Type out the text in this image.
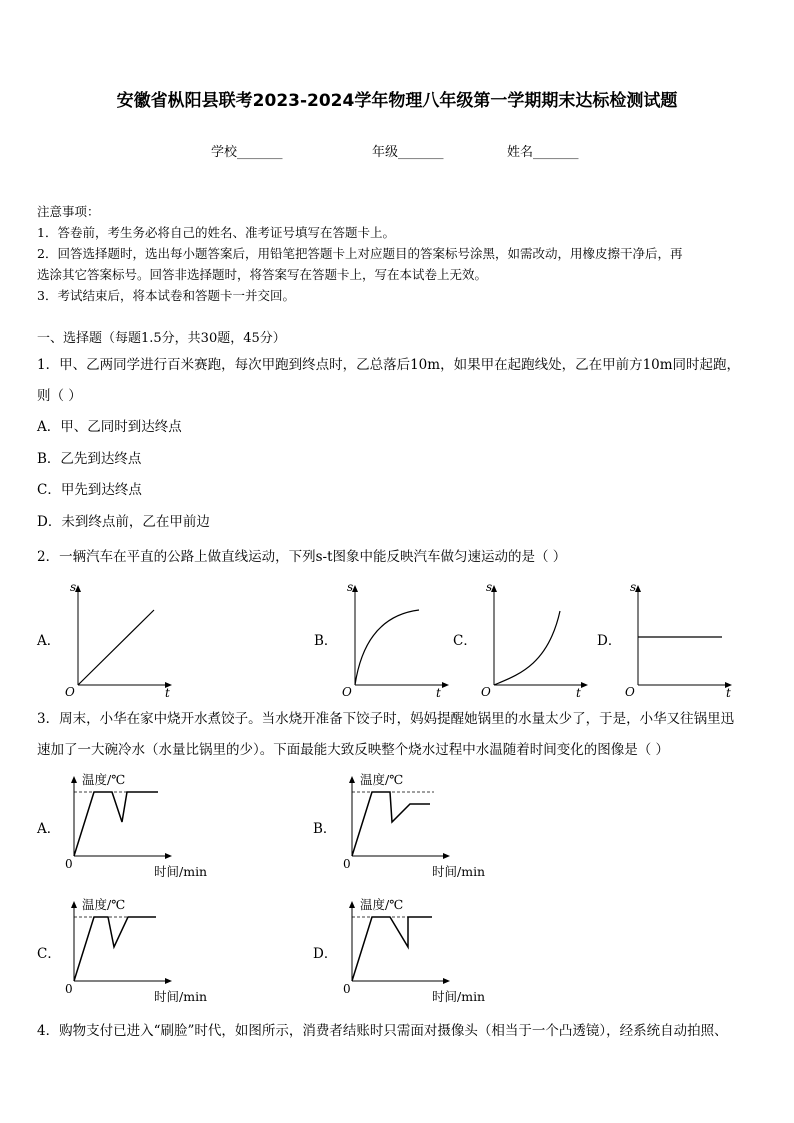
安徽省枞阳县联考2023-2024学年物理八年级第一学期期末达标检测试题
学校_______	年级_______	姓名_______
注意事项：
1．答卷前，考生务必将自己的姓名、准考证号填写在答题卡上。
2．回答选择题时，选出每小题答案后，用铅笔把答题卡上对应题目的答案标号涂黑，如需改动，用橡皮擦干净后，再
选涂其它答案标号。回答非选择题时，将答案写在答题卡上，写在本试卷上无效。
3．考试结束后，将本试卷和答题卡一并交回。
一、选择题（每题1.5分，共30题，45分）
1．甲、乙两同学进行百米赛跑，每次甲跑到终点时，乙总落后10m，如果甲在起跑线处，乙在甲前方10m同时起跑，
则（ ）
A．甲、乙同时到达终点
B．乙先到达终点
C．甲先到达终点
D．未到终点前，乙在甲前边
2．一辆汽车在平直的公路上做直线运动，下列s-t图象中能反映汽车做匀速运动的是（ ）
A．	B．	C．	D．
s
t
O
s
t
O
s
t
O
s
t
O
3．周末，小华在家中烧开水煮饺子。当水烧开准备下饺子时，妈妈提醒她锅里的水量太少了，于是，小华又往锅里迅
速加了一大碗冷水（水量比锅里的少）。下面最能大致反映整个烧水过程中水温随着时间变化的图像是（ ）
A．	B．
C．	D．
温度/℃
时间/min
0
温度/℃
时间/min
0
温度/℃
时间/min
0
温度/℃
时间/min
0
4．购物支付已进入“刷脸”时代，如图所示，消费者结账时只需面对摄像头（相当于一个凸透镜），经系统自动拍照、
